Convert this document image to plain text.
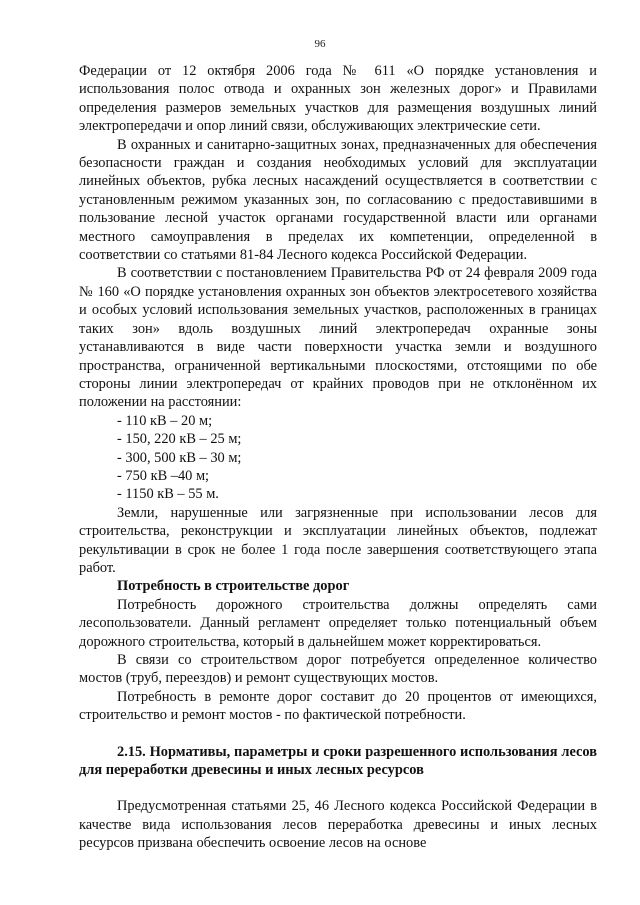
96

Федерации от 12 октября 2006 года № 611 «О порядке установления и использования полос отвода и охранных зон железных дорог» и Правилами определения размеров земельных участков для размещения воздушных линий электропередачи и опор линий связи, обслуживающих электрические сети.

В охранных и санитарно-защитных зонах, предназначенных для обеспечения безопасности граждан и создания необходимых условий для эксплуатации линейных объектов, рубка лесных насаждений осуществляется в соответствии с установленным режимом указанных зон, по согласованию с предоставившими в пользование лесной участок органами государственной власти или органами местного самоуправления в пределах их компетенции, определенной в соответствии со статьями 81-84 Лесного кодекса Российской Федерации.

В соответствии с постановлением Правительства РФ от 24 февраля 2009 года № 160 «О порядке установления охранных зон объектов электросетевого хозяйства и особых условий использования земельных участков, расположенных в границах таких зон» вдоль воздушных линий электропередач охранные зоны устанавливаются в виде части поверхности участка земли и воздушного пространства, ограниченной вертикальными плоскостями, отстоящими по обе стороны линии электропередач от крайних проводов при не отклонённом их положении на расстоянии:

- 110 кВ – 20 м;
- 150, 220 кВ – 25 м;
- 300, 500 кВ – 30 м;
- 750 кВ –40 м;
- 1150 кВ – 55 м.

Земли, нарушенные или загрязненные при использовании лесов для строительства, реконструкции и эксплуатации линейных объектов, подлежат рекультивации в срок не более 1 года после завершения соответствующего этапа работ.

Потребность в строительстве дорог

Потребность дорожного строительства должны определять сами лесопользователи. Данный регламент определяет только потенциальный объем дорожного строительства, который в дальнейшем может корректироваться.

В связи со строительством дорог потребуется определенное количество мостов (труб, переездов) и ремонт существующих мостов.

Потребность в ремонте дорог составит до 20 процентов от имеющихся, строительство и ремонт мостов - по фактической потребности.

2.15. Нормативы, параметры и сроки разрешенного использования лесов для переработки древесины и иных лесных ресурсов

Предусмотренная статьями 25, 46 Лесного кодекса Российской Федерации в качестве вида использования лесов переработка древесины и иных лесных ресурсов призвана обеспечить освоение лесов на основе
